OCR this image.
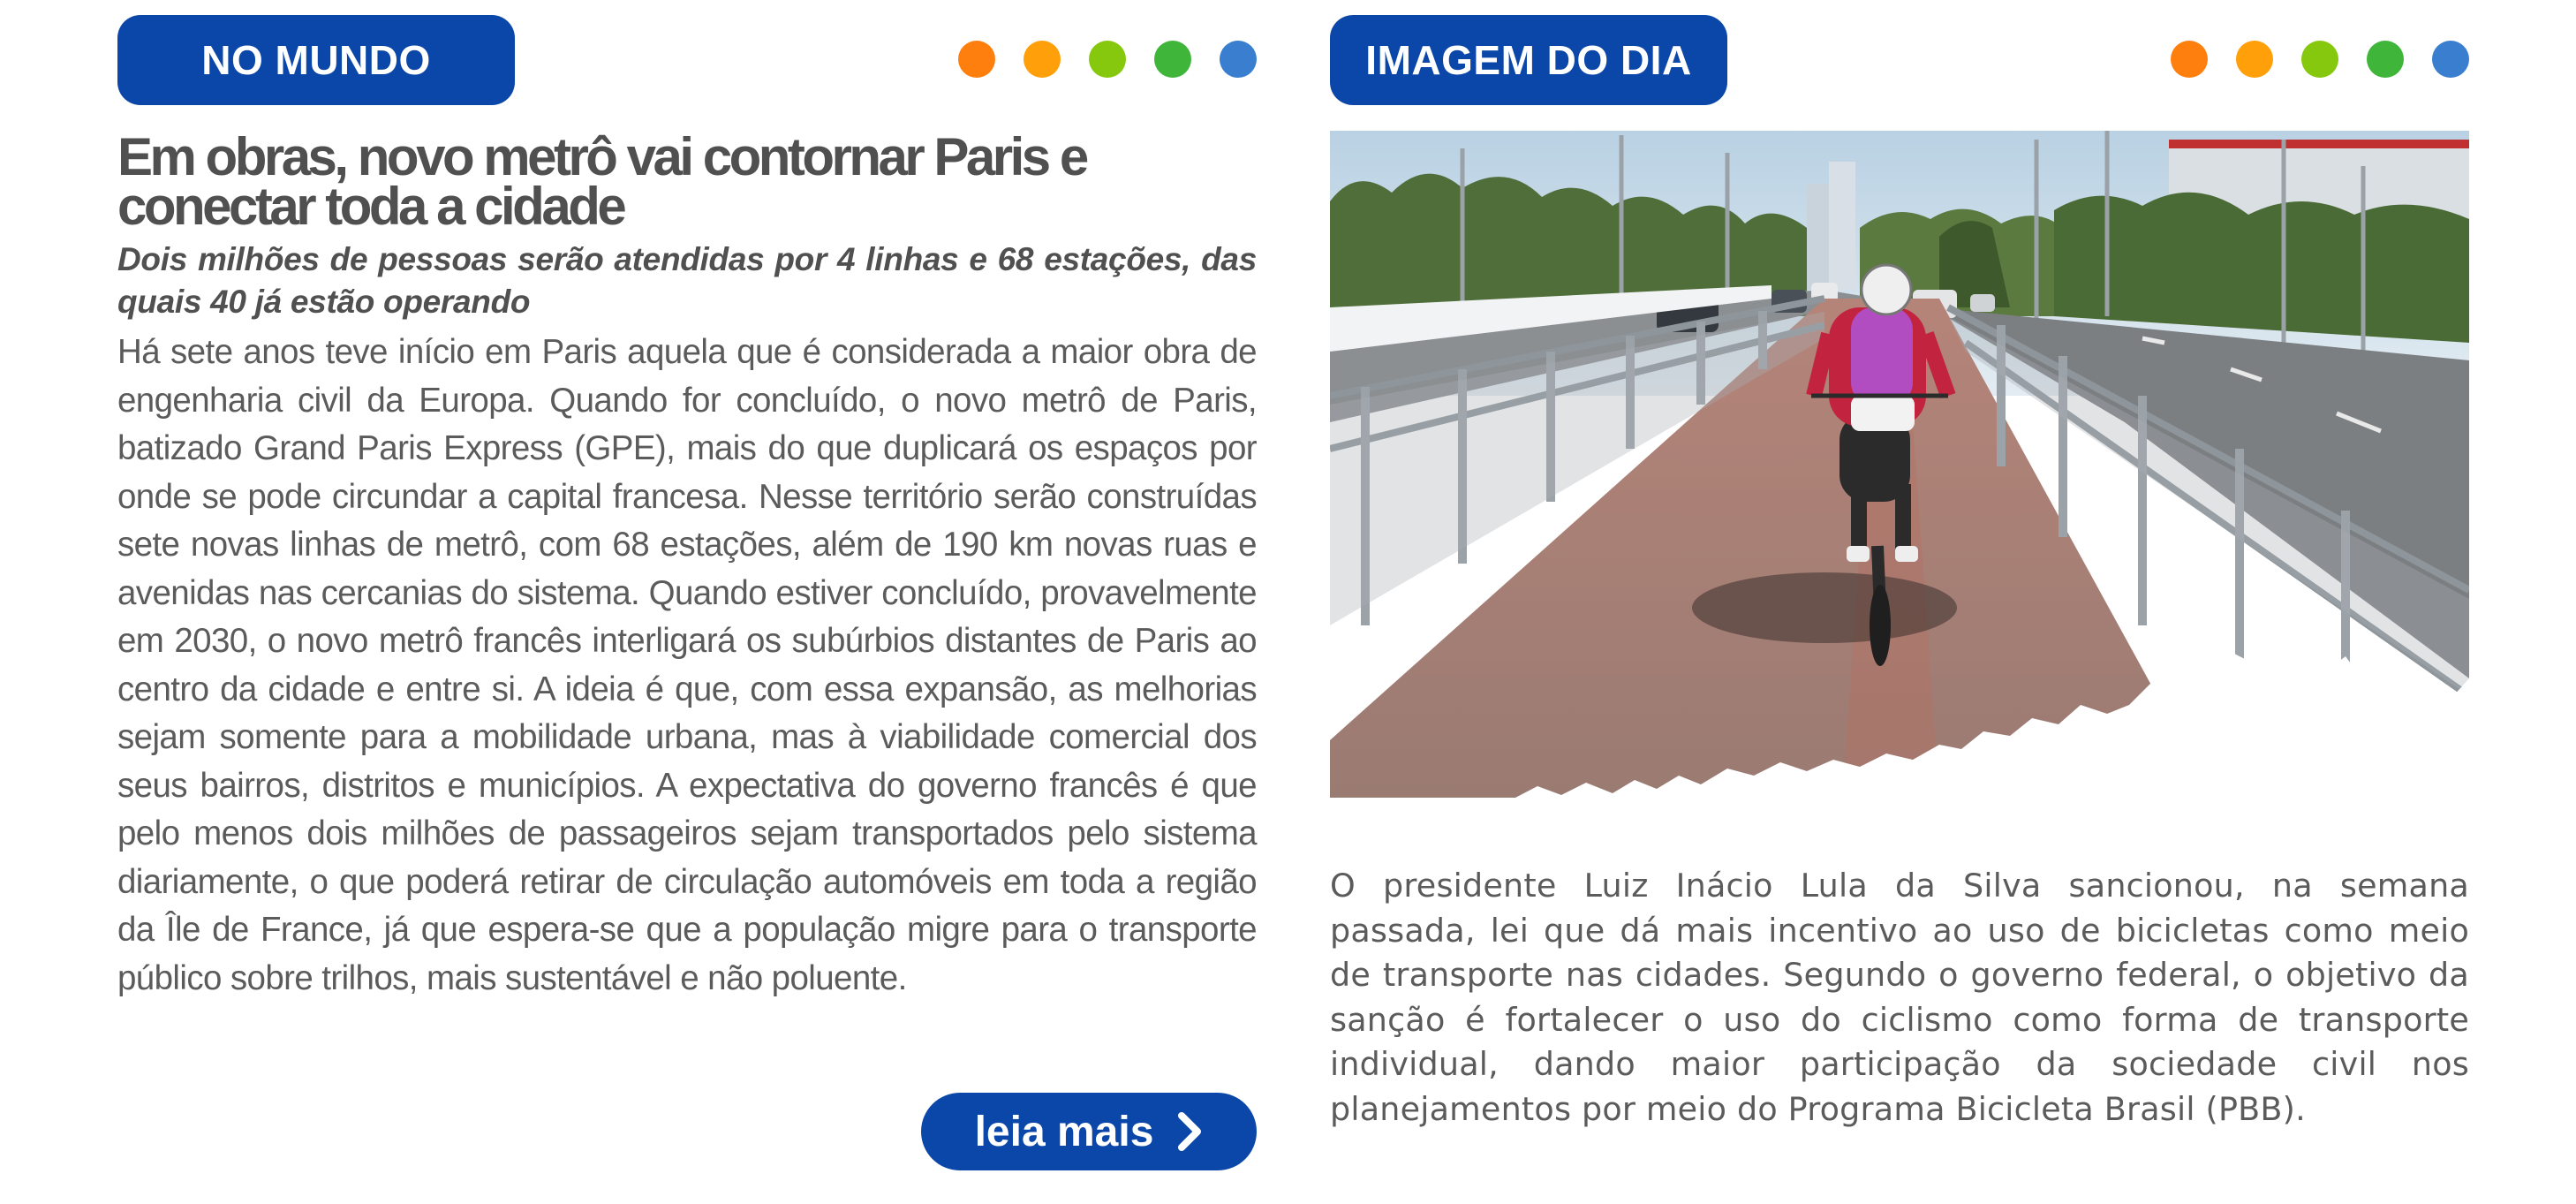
NO MUNDO
Em obras, novo metrô vai contornar Paris e conectar toda a cidade
Dois milhões de pessoas serão atendidas por 4 linhas e 68 estações, das quais 40 já estão operando

Há sete anos teve início em Paris aquela que é considerada a maior obra de engenharia civil da Europa. Quando for concluído, o novo metrô de Paris, batizado Grand Paris Express (GPE), mais do que duplicará os espaços por onde se pode circundar a capital francesa. Nesse território serão construídas sete novas linhas de metrô, com 68 estações, além de 190 km novas ruas e avenidas nas cercanias do sistema. Quando estiver concluído, provavelmente em 2030, o novo metrô francês interligará os subúrbios distantes de Paris ao centro da cidade e entre si. A ideia é que, com essa expansão, as melhorias sejam somente para a mobilidade urbana, mas à viabilidade comercial dos seus bairros, distritos e municípios. A expectativa do governo francês é que pelo menos dois milhões de passageiros sejam transportados pelo sistema diariamente, o que poderá retirar de circulação automóveis em toda a região da Île de France, já que espera-se que a população migre para o transporte público sobre trilhos, mais sustentável e não poluente.

leia mais
IMAGEM DO DIA

O presidente Luiz Inácio Lula da Silva sancionou, na semana passada, lei que dá mais incentivo ao uso de bicicletas como meio de transporte nas cidades. Segundo o governo federal, o objetivo da sanção é fortalecer o uso do ciclismo como forma de transporte individual, dando maior participação da sociedade civil nos planejamentos por meio do Programa Bicicleta Brasil (PBB).
